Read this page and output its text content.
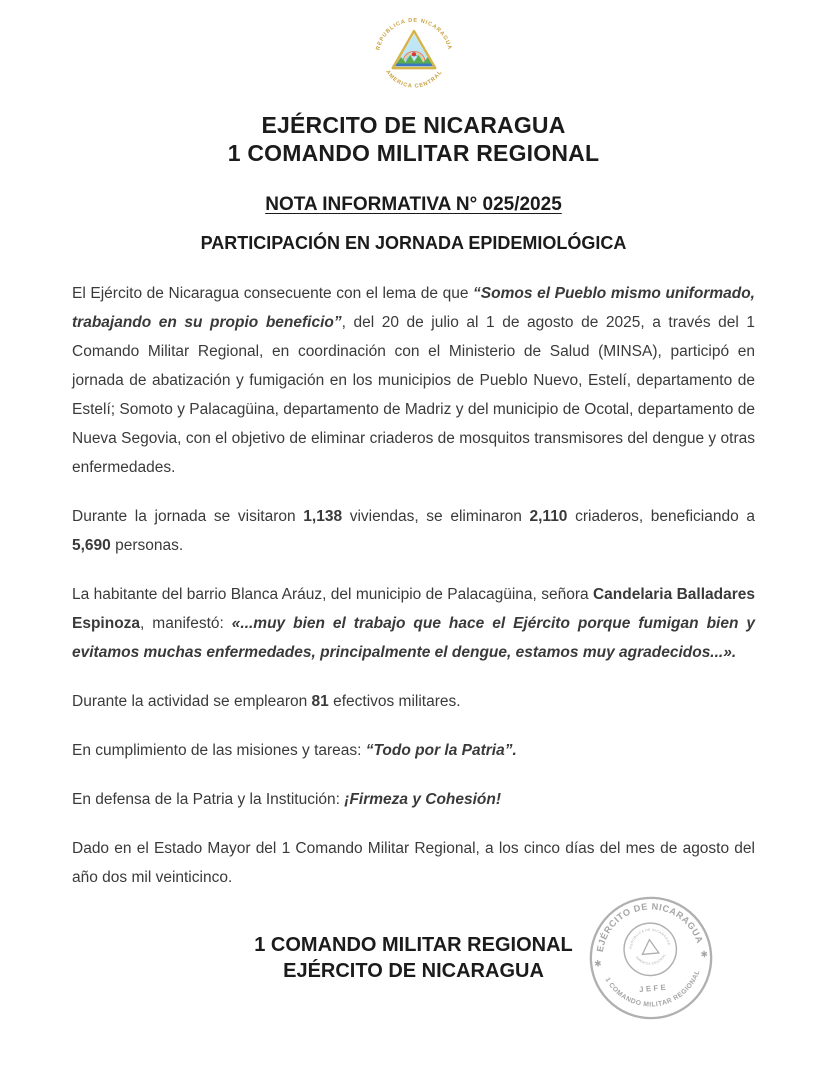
REPUBLICA DE NICARAGUA
AMERICA CENTRAL
EJÉRCITO DE NICARAGUA
1 COMANDO MILITAR REGIONAL
NOTA INFORMATIVA N° 025/2025
PARTICIPACIÓN EN JORNADA EPIDEMIOLÓGICA

El Ejército de Nicaragua consecuente con el lema de que “Somos el Pueblo mismo uniformado, trabajando en su propio beneficio”, del 20 de julio al 1 de agosto de 2025, a través del 1 Comando Militar Regional, en coordinación con el Ministerio de Salud (MINSA), participó en jornada de abatización y fumigación en los municipios de Pueblo Nuevo, Estelí, departamento de Estelí; Somoto y Palacagüina, departamento de Madriz y del municipio de Ocotal, departamento de Nueva Segovia, con el objetivo de eliminar criaderos de mosquitos transmisores del dengue y otras enfermedades.

Durante la jornada se visitaron 1,138 viviendas, se eliminaron 2,110 criaderos, beneficiando a 5,690 personas.

La habitante del barrio Blanca Aráuz, del municipio de Palacagüina, señora Candelaria Balladares Espinoza, manifestó: «...muy bien el trabajo que hace el Ejército porque fumigan bien y evitamos muchas enfermedades, principalmente el dengue, estamos muy agradecidos...».

Durante la actividad se emplearon 81 efectivos militares.

En cumplimiento de las misiones y tareas: “Todo por la Patria”.

En defensa de la Patria y la Institución: ¡Firmeza y Cohesión!

Dado en el Estado Mayor del 1 Comando Militar Regional, a los cinco días del mes de agosto del año dos mil veinticinco.

1 COMANDO MILITAR REGIONAL
EJÉRCITO DE NICARAGUA
EJÉRCITO DE NICARAGUA
1 COMANDO MILITAR REGIONAL
✱
✱
REPUBLICA DE NICARAGUA
AMERICA CENTRAL
JEFE
